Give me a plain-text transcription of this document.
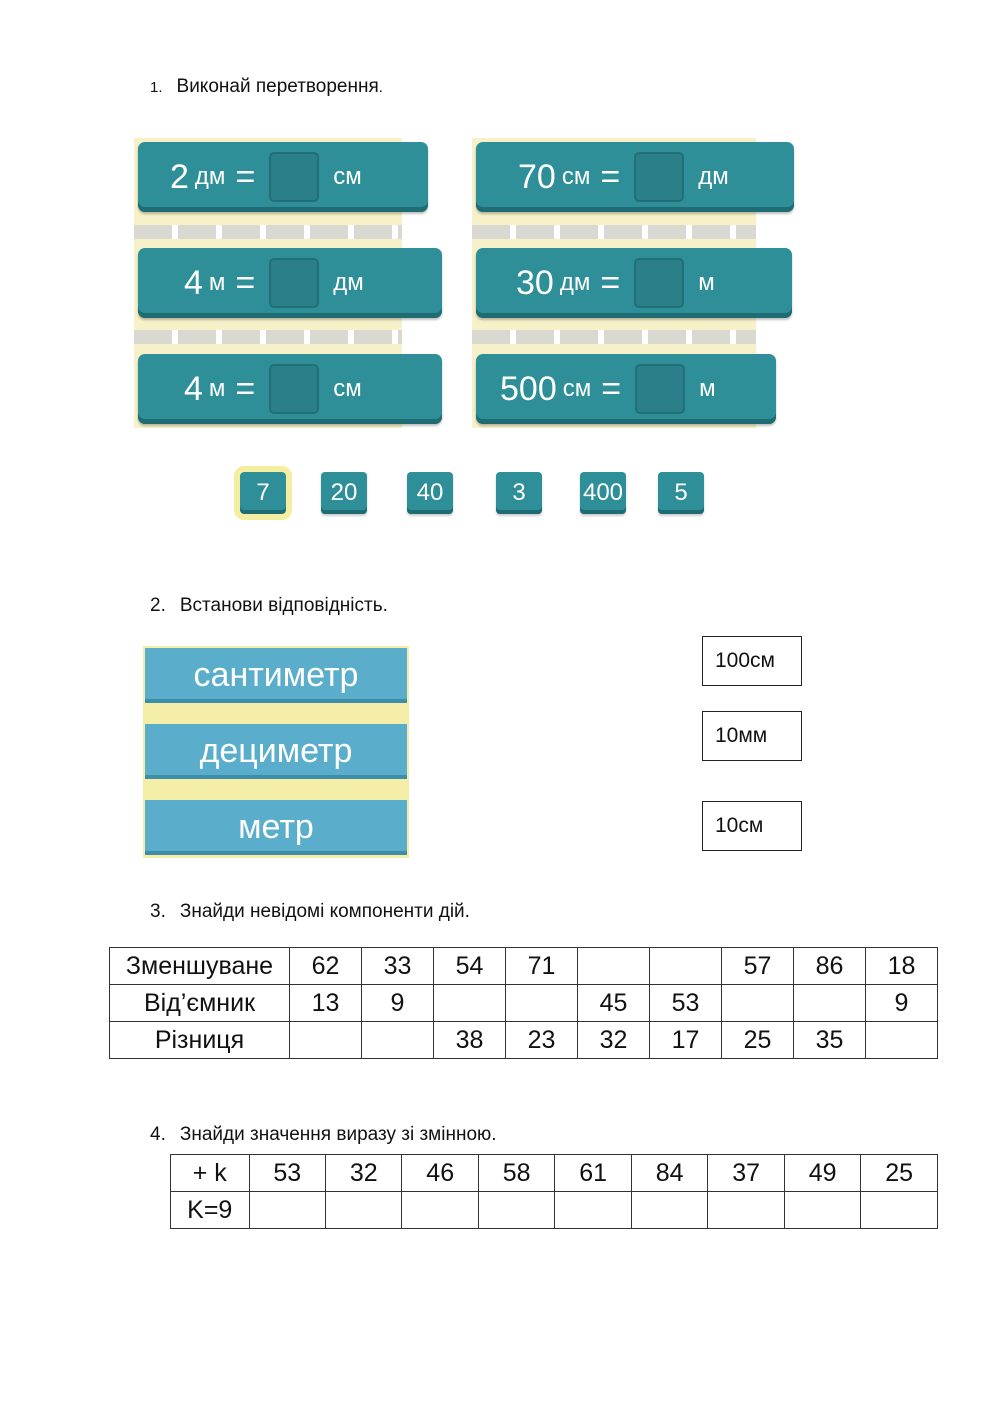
1. Виконай перетворення.
2 дм =	см
4 м =	дм
4 м =	см
70 см =	дм
30 дм =	м
500 см =	м
7	20	40	3	400	5
2. Встанови відповідність.
сантиметр
дециметр
метр
100см
10мм
10см
3. Знайди невідомі компоненти дій.
Зменшуване	62	33	54	71			57	86	18
Від’ємник	13	9			45	53			9
Різниця			38	23	32	17	25	35	
4. Знайди значення виразу зі змінною.
+ k	53	32	46	58	61	84	37	49	25
K=9									
